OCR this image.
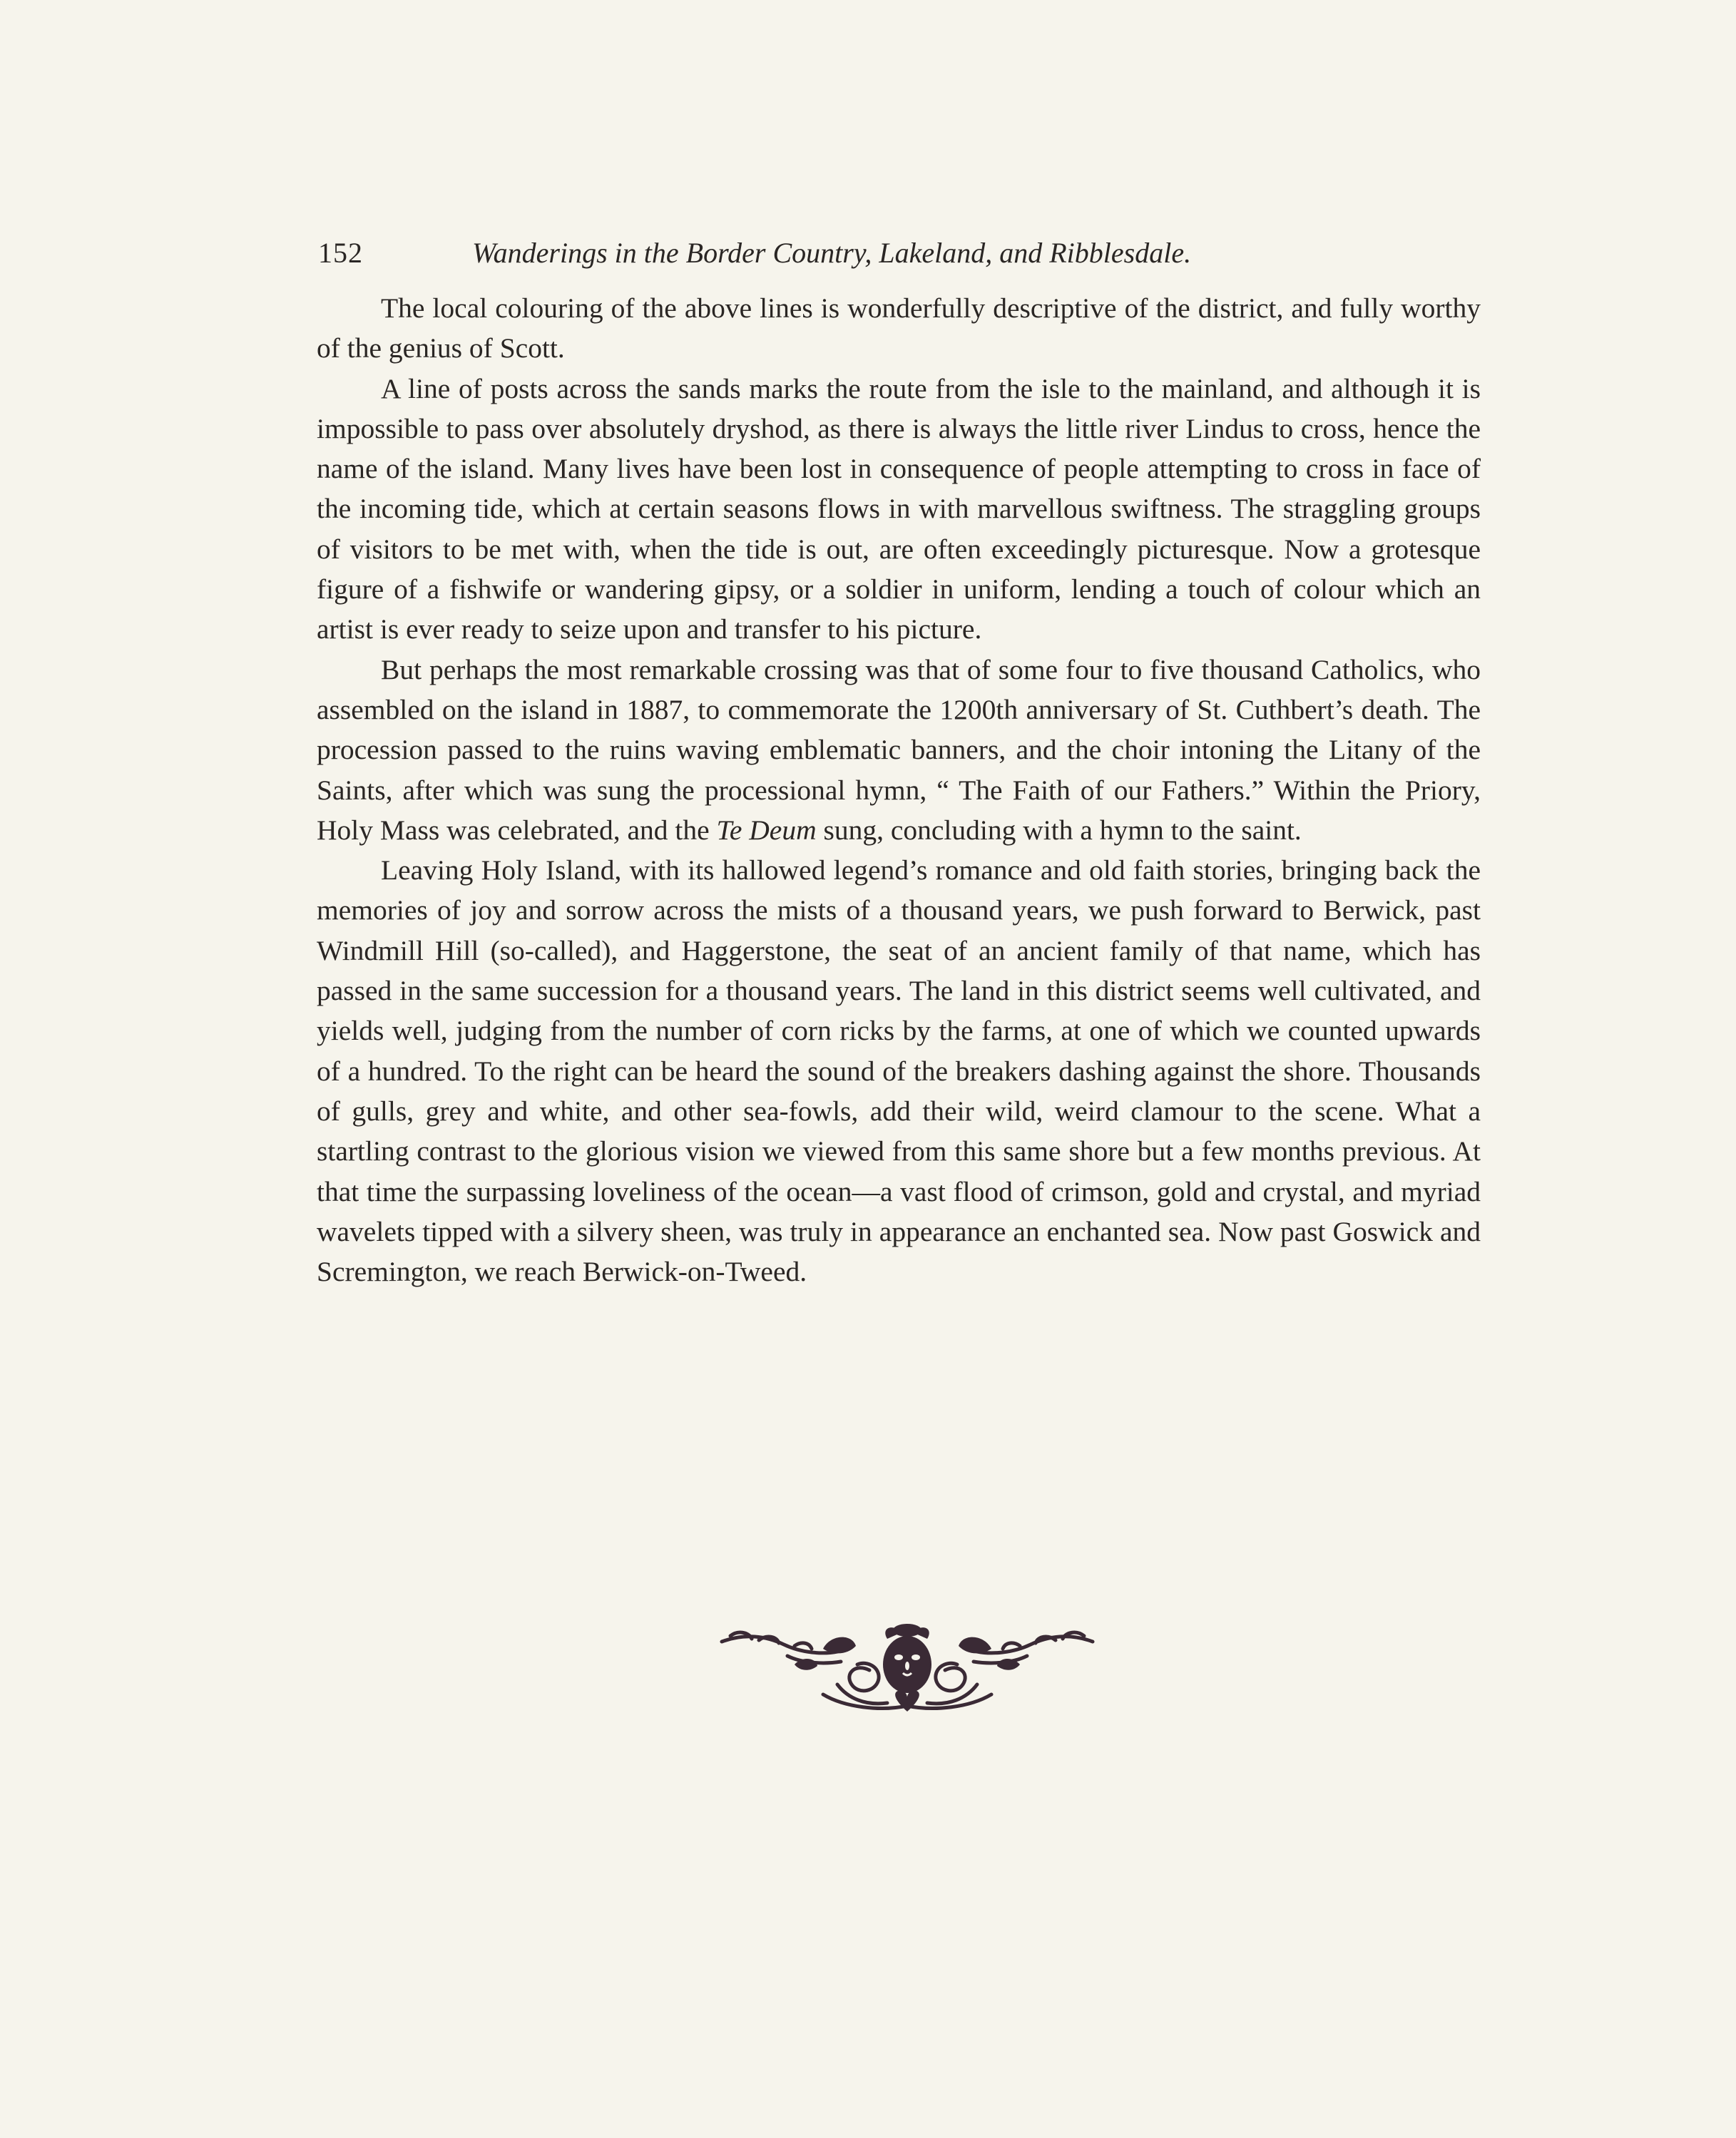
152	Wanderings in the Border Country, Lakeland, and Ribblesdale.

The local colouring of the above lines is wonderfully descriptive of the district, and fully worthy of the genius of Scott.

A line of posts across the sands marks the route from the isle to the mainland, and although it is impossible to pass over absolutely dryshod, as there is always the little river Lindus to cross, hence the name of the island. Many lives have been lost in consequence of people attempting to cross in face of the incoming tide, which at certain seasons flows in with marvellous swiftness. The straggling groups of visitors to be met with, when the tide is out, are often exceedingly picturesque. Now a grotesque figure of a fishwife or wandering gipsy, or a soldier in uniform, lending a touch of colour which an artist is ever ready to seize upon and transfer to his picture.

But perhaps the most remarkable crossing was that of some four to five thousand Catholics, who assembled on the island in 1887, to commemorate the 1200th anniversary of St. Cuthbert’s death. The procession passed to the ruins waving emblematic banners, and the choir intoning the Litany of the Saints, after which was sung the processional hymn, “ The Faith of our Fathers.” Within the Priory, Holy Mass was celebrated, and the Te Deum sung, concluding with a hymn to the saint.

Leaving Holy Island, with its hallowed legend’s romance and old faith stories, bringing back the memories of joy and sorrow across the mists of a thousand years, we push forward to Berwick, past Windmill Hill (so-called), and Haggerstone, the seat of an ancient family of that name, which has passed in the same succession for a thousand years. The land in this district seems well cultivated, and yields well, judging from the number of corn ricks by the farms, at one of which we counted upwards of a hundred. To the right can be heard the sound of the breakers dashing against the shore. Thousands of gulls, grey and white, and other sea-fowls, add their wild, weird clamour to the scene. What a startling contrast to the glorious vision we viewed from this same shore but a few months previous. At that time the surpassing loveliness of the ocean—a vast flood of crimson, gold and crystal, and myriad wavelets tipped with a silvery sheen, was truly in appearance an enchanted sea. Now past Goswick and Scremington, we reach Berwick-on-Tweed.
